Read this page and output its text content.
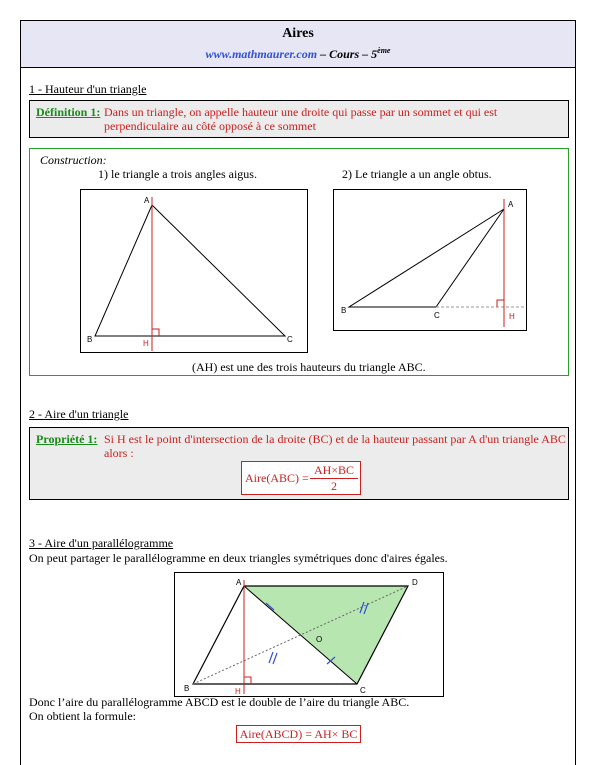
Aires
www.mathmaurer.com – Cours – 5ème
1 - Hauteur d'un triangle
Définition 1: Dans un triangle, on appelle hauteur une droite qui passe par un sommet et qui est
perpendiculaire au côté opposé à ce sommet
Construction:
1) le triangle a trois angles aigus.	2) Le triangle a un angle obtus.
A
B	C
H
A
B
C	H
(AH) est une des trois hauteurs du triangle ABC.
2 - Aire d'un triangle
Propriété 1: Si H est le point d'intersection de la droite (BC) et de la hauteur passant par A d'un triangle ABC
alors :
Aire(ABC) =
AH×BC
2
3 - Aire d'un parallélogramme
On peut partager le parallélogramme en deux triangles symétriques donc d'aires égales.
A	D
C
B	H
O
Donc l’aire du parallélogramme ABCD est le double de l’aire du triangle ABC.
On obtient la formule:
Aire(ABCD) = AH× BC
